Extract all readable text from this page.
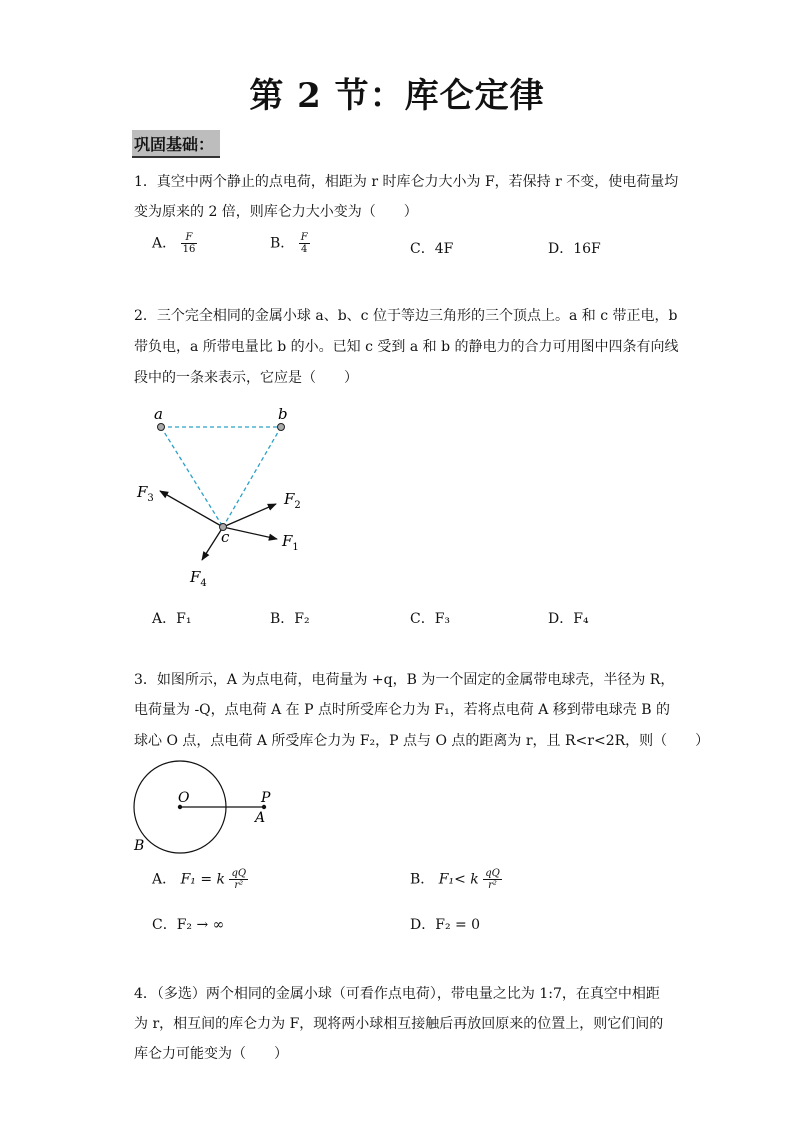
第 2 节：库仑定律
巩固基础：
1．真空中两个静止的点电荷，相距为 r 时库仑力大小为 F，若保持 r 不变，使电荷量均
变为原来的 2 倍，则库仑力大小变为（　　）
A． $\frac{F}{16}$	B． $\frac{F}{4}$	C．4F	D．16F
2．三个完全相同的金属小球 a、b、c 位于等边三角形的三个顶点上。a 和 c 带正电，b
带负电，a 所带电量比 b 的小。已知 c 受到 a 和 b 的静电力的合力可用图中四条有向线
段中的一条来表示，它应是（　　）
a	b
c
$F_3$	$F_2$
$F_1$
$F_4$
A．F₁	B．F₂	C．F₃	D．F₄
3．如图所示，A 为点电荷，电荷量为 +q，B 为一个固定的金属带电球壳，半径为 R，
电荷量为 -Q，点电荷 A 在 P 点时所受库仑力为 F₁，若将点电荷 A 移到带电球壳 B 的
球心 O 点，点电荷 A 所受库仑力为 F₂，P 点与 O 点的距离为 r，且 R<r<2R，则（　　）
O	P
A
B
A． F₁ = k $\frac{qQ}{\text{r²}}$	B． F₁< k $\frac{qQ}{\text{r²}}$
C．F₂ → ∞	D．F₂ = 0
4．（多选）两个相同的金属小球（可看作点电荷），带电量之比为 1:7，在真空中相距
为 r，相互间的库仑力为 F，现将两小球相互接触后再放回原来的位置上，则它们间的
库仑力可能变为（　　）
